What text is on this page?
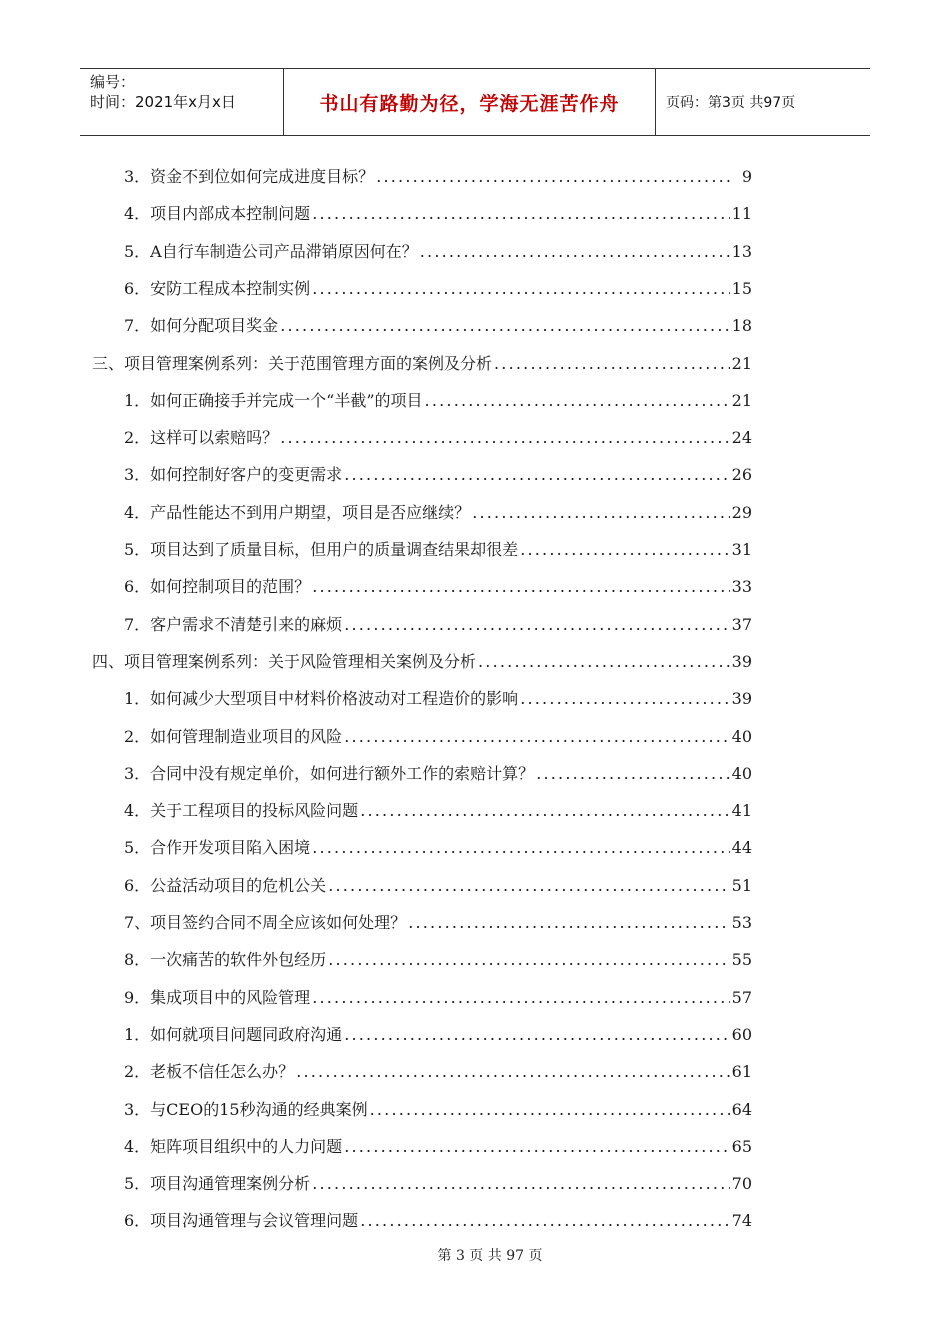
编号：
时间：2021年x月x日	书山有路勤为径，学海无涯苦作舟	页码：第3页 共97页
3．资金不到位如何完成进度目标？ .....	9
4．项目内部成本控制问题 .....	11
5．A自行车制造公司产品滞销原因何在？ .....	13
6．安防工程成本控制实例 .....	15
7．如何分配项目奖金 .....	18
三、项目管理案例系列：关于范围管理方面的案例及分析 .....	21
1．如何正确接手并完成一个“半截”的项目 .....	21
2．这样可以索赔吗？ .....	24
3．如何控制好客户的变更需求 .....	26
4．产品性能达不到用户期望，项目是否应继续？ .....	29
5．项目达到了质量目标，但用户的质量调查结果却很差 .....	31
6．如何控制项目的范围？ .....	33
7．客户需求不清楚引来的麻烦 .....	37
四、项目管理案例系列：关于风险管理相关案例及分析 .....	39
1．如何减少大型项目中材料价格波动对工程造价的影响 .....	39
2．如何管理制造业项目的风险 .....	40
3．合同中没有规定单价，如何进行额外工作的索赔计算？ .....	40
4．关于工程项目的投标风险问题 .....	41
5．合作开发项目陷入困境 .....	44
6．公益活动项目的危机公关 .....	51
7、项目签约合同不周全应该如何处理？ .....	53
8．一次痛苦的软件外包经历 .....	55
9．集成项目中的风险管理 .....	57
1．如何就项目问题同政府沟通 .....	60
2．老板不信任怎么办？ .....	61
3．与CEO的15秒沟通的经典案例 .....	64
4．矩阵项目组织中的人力问题 .....	65
5．项目沟通管理案例分析 .....	70
6．项目沟通管理与会议管理问题 .....	74
第 3 页 共 97 页
